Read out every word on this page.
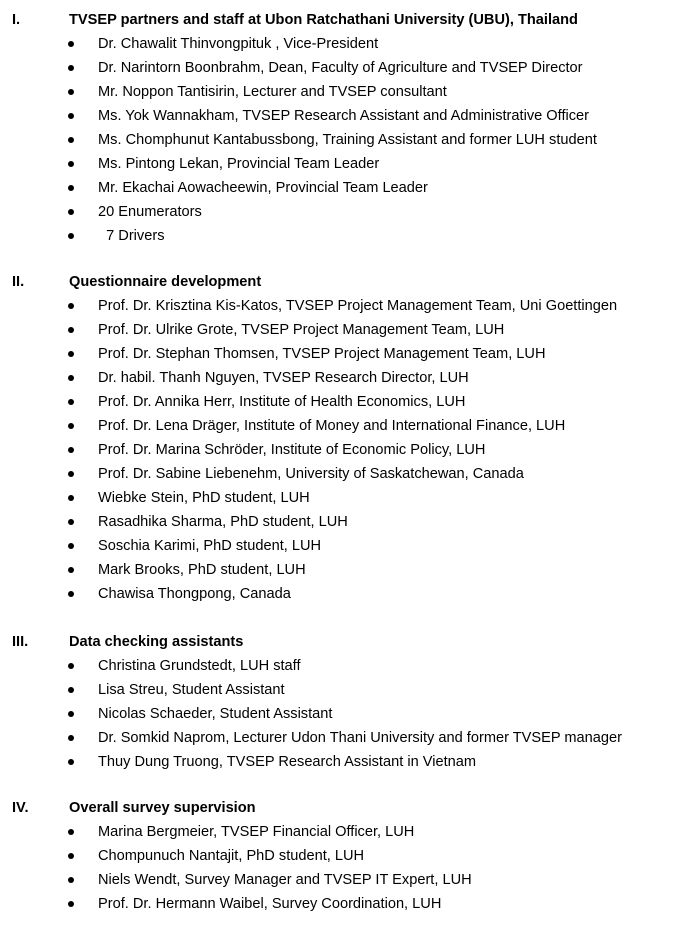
I.	TVSEP partners and staff at Ubon Ratchathani University (UBU), Thailand
Dr. Chawalit Thinvongpituk , Vice-President
Dr. Narintorn Boonbrahm, Dean, Faculty of Agriculture and TVSEP Director
Mr. Noppon Tantisirin, Lecturer and TVSEP consultant
Ms. Yok Wannakham, TVSEP Research Assistant and Administrative Officer
Ms. Chomphunut Kantabussbong, Training Assistant and former LUH student
Ms. Pintong Lekan, Provincial Team Leader
Mr. Ekachai Aowacheewin, Provincial Team Leader
20 Enumerators
7 Drivers
II.	Questionnaire development
Prof. Dr. Krisztina Kis-Katos, TVSEP Project Management Team, Uni Goettingen
Prof. Dr. Ulrike Grote, TVSEP Project Management Team, LUH
Prof. Dr. Stephan Thomsen, TVSEP Project Management Team, LUH
Dr. habil. Thanh Nguyen, TVSEP Research Director, LUH
Prof. Dr. Annika Herr, Institute of Health Economics, LUH
Prof. Dr. Lena Dräger, Institute of Money and International Finance, LUH
Prof. Dr. Marina Schröder, Institute of Economic Policy, LUH
Prof. Dr. Sabine Liebenehm, University of Saskatchewan, Canada
Wiebke Stein, PhD student, LUH
Rasadhika Sharma, PhD student, LUH
Soschia Karimi, PhD student, LUH
Mark Brooks, PhD student, LUH
Chawisa Thongpong, Canada
III.	Data checking assistants
Christina Grundstedt, LUH staff
Lisa Streu, Student Assistant
Nicolas Schaeder, Student Assistant
Dr. Somkid Naprom, Lecturer Udon Thani University and former TVSEP manager
Thuy Dung Truong, TVSEP Research Assistant in Vietnam
IV.	Overall survey supervision
Marina Bergmeier, TVSEP Financial Officer, LUH
Chompunuch Nantajit, PhD student, LUH
Niels Wendt, Survey Manager and TVSEP IT Expert, LUH
Prof. Dr. Hermann Waibel, Survey Coordination, LUH
